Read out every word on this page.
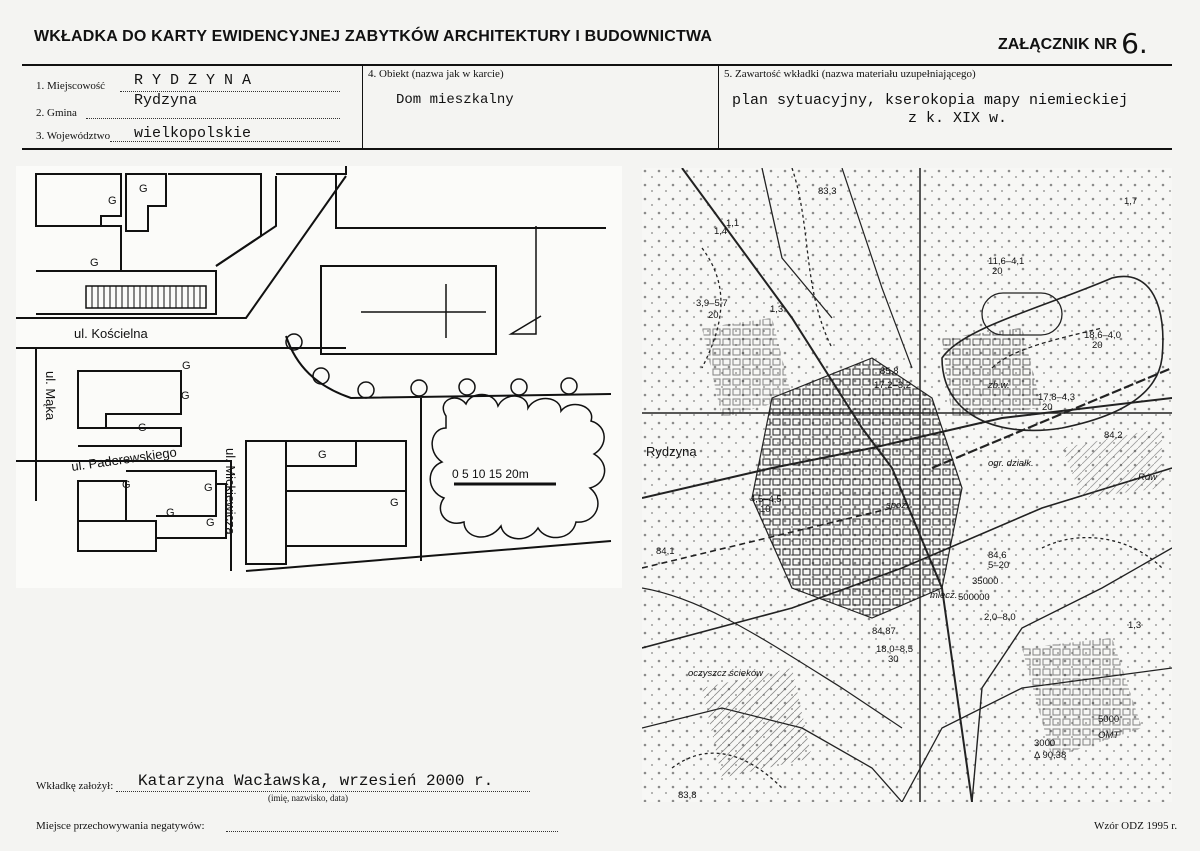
WKŁADKA DO KARTY EWIDENCYJNEJ ZABYTKÓW ARCHITEKTURY I BUDOWNICTWA	ZAŁĄCZNIK NR 6.
1. Miejscowość R Y D Z Y N A
2. Gmina
Rydzyna
3. Województwo wielkopolskie
4. Obiekt (nazwa jak w karcie)
Dom mieszkalny
5. Zawartość wkładki (nazwa materiału uzupełniającego)
plan sytuacyjny, kserokopia mapy niemieckiej
z k. XIX w.
G
G
G
G
G
G
G
G
G
G
G
G
ul. Kościelna
ul. Mąka
ul. Paderewskiego	ul. Mickiewicza	0 5 10 15 20m
Rydzyna
83,3
1,1
1,4
3,9–5,7
20
1,3
11,6–4,1
20
18,6–4,0
20
85,8
17,2–3,2
17,8–4,3
20
84,2
4,5–4,5
10
84,1	84,6
5–20
35000
500000
2,0–8,0
84,87
18,0–8,5
30
oczyszcz ścieków
ogr. działk.
mlecz.
zb.w.
spoż.
Rów
1,3
5000
OMT
3000
Δ 90,38
83,8
1,7
Wkładkę założył: Katarzyna Wacławska, wrzesień 2000 r.
(imię, nazwisko, data)
Miejsce przechowywania negatywów:	Wzór ODZ 1995 r.
